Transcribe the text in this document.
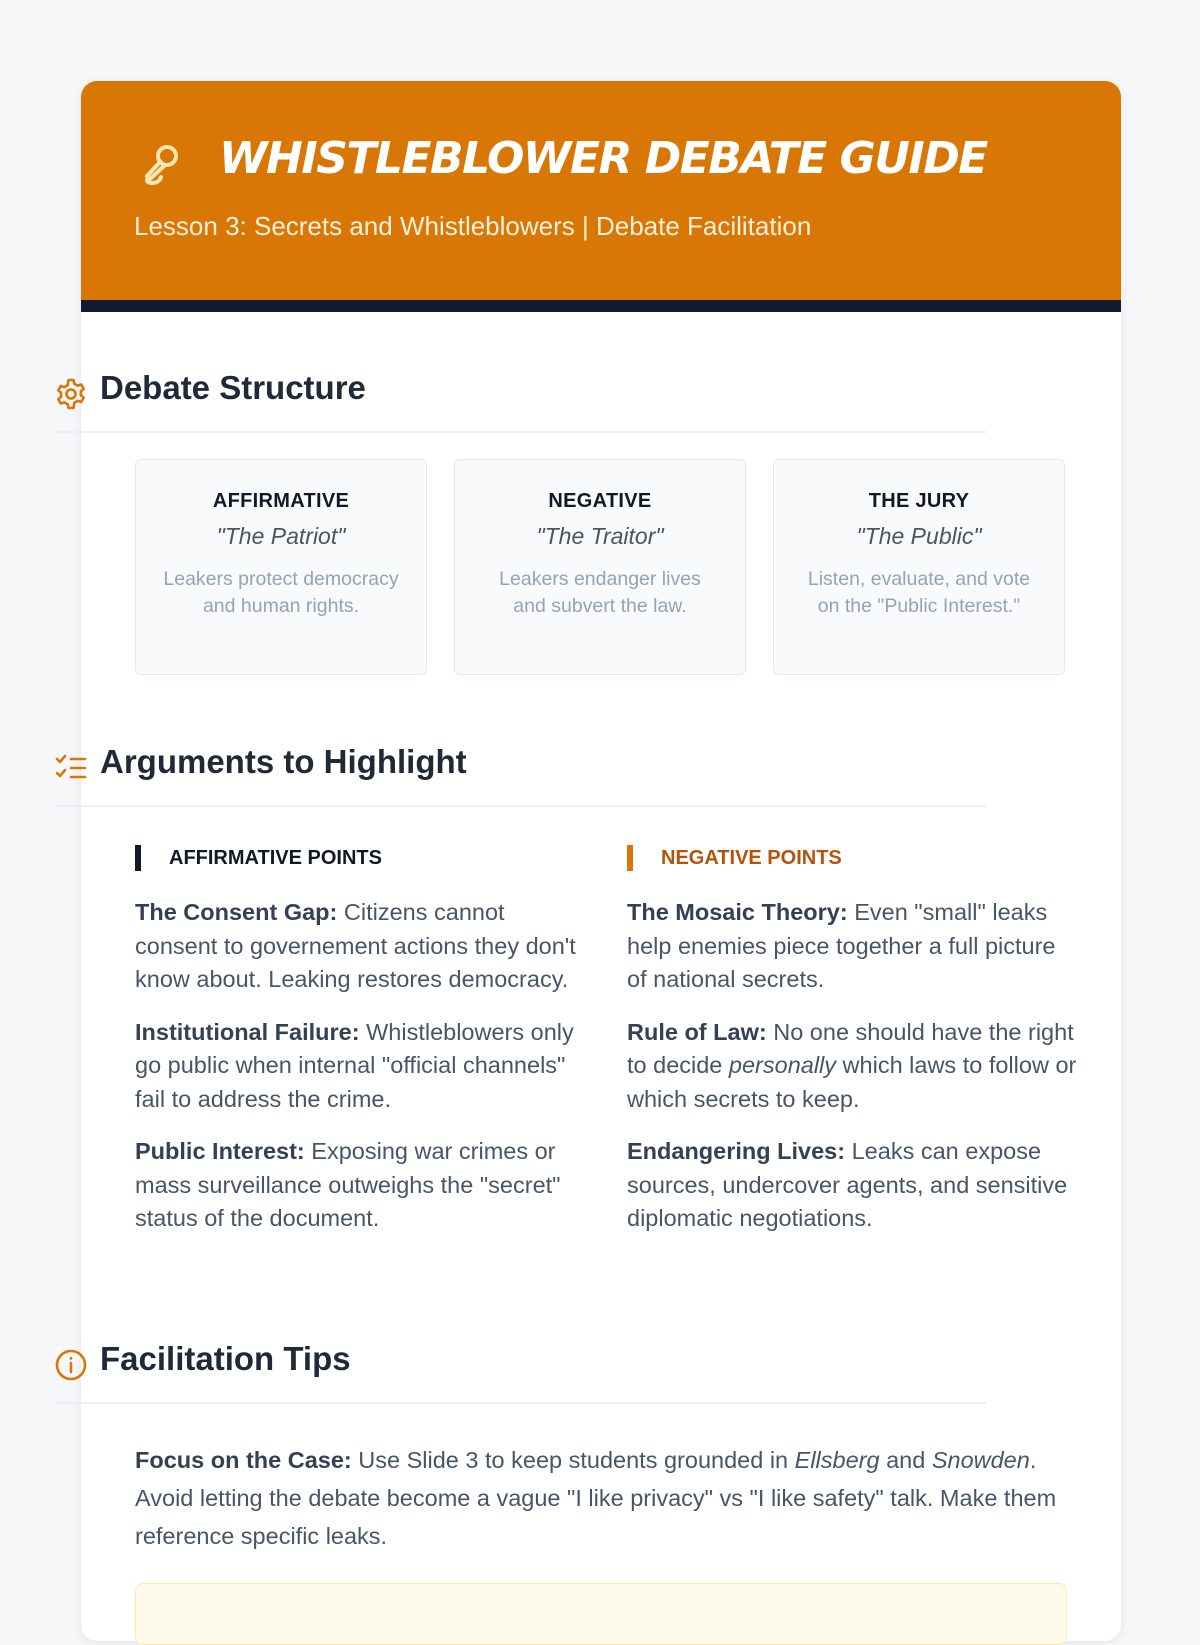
WHISTLEBLOWER DEBATE GUIDE

Lesson 3: Secrets and Whistleblowers | Debate Facilitation

Debate Structure
AFFIRMATIVE
"The Patriot"
Leakers protect democracy and human rights.
NEGATIVE
"The Traitor"
Leakers endanger lives and subvert the law.
THE JURY
"The Public"
Listen, evaluate, and vote on the "Public Interest."
Arguments to Highlight
AFFIRMATIVE POINTS	NEGATIVE POINTS

The Consent Gap: Citizens cannot consent to governement actions they don't know about. Leaking restores democracy.

Institutional Failure: Whistleblowers only go public when internal "official channels" fail to address the crime.

Public Interest: Exposing war crimes or mass surveillance outweighs the "secret" status of the document.

The Mosaic Theory: Even "small" leaks help enemies piece together a full picture of national secrets.

Rule of Law: No one should have the right to decide personally which laws to follow or which secrets to keep.

Endangering Lives: Leaks can expose sources, undercover agents, and sensitive diplomatic negotiations.

Facilitation Tips

Focus on the Case: Use Slide 3 to keep students grounded in Ellsberg and Snowden. Avoid letting the debate become a vague "I like privacy" vs "I like safety" talk. Make them reference specific leaks.
